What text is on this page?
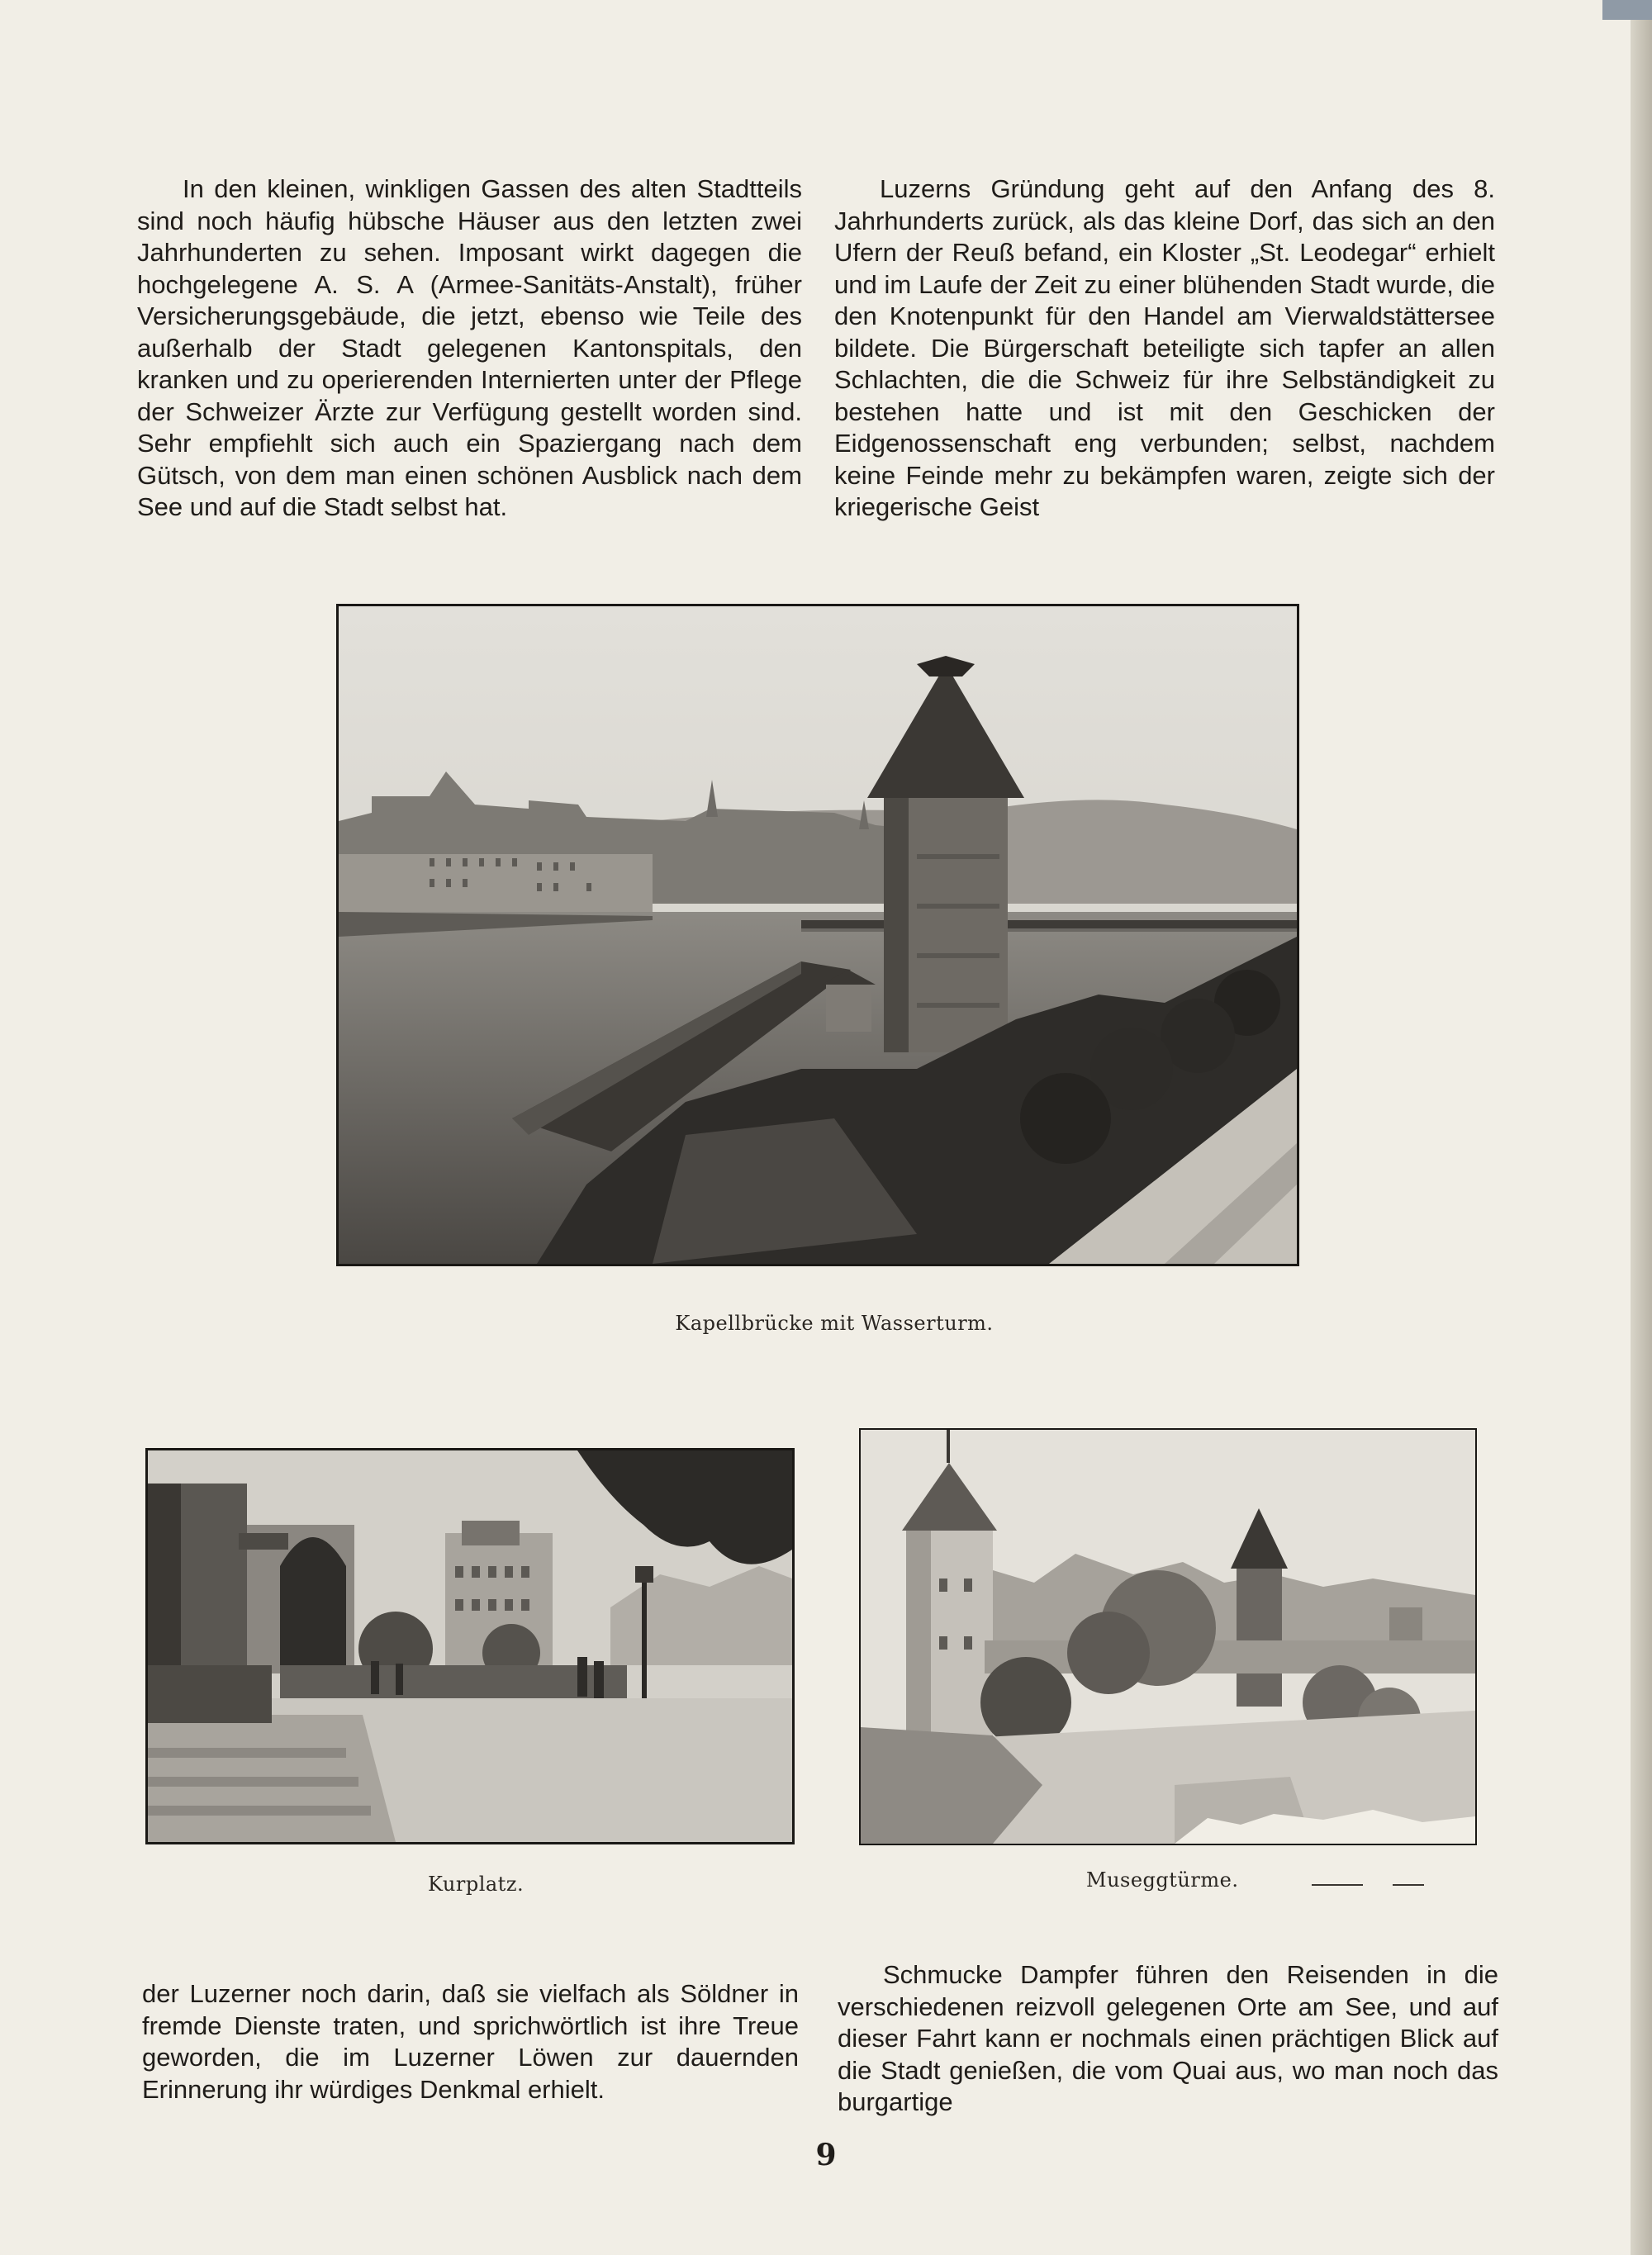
In den kleinen, winkligen Gassen des alten Stadtteils sind noch häufig hübsche Häuser aus den letzten zwei Jahrhunderten zu sehen. Imposant wirkt dagegen die hochgelegene A. S. A (Armee-Sanitäts-Anstalt), früher Versicherungsgebäude, die jetzt, ebenso wie Teile des außerhalb der Stadt gelegenen Kantonspitals, den kranken und zu operierenden Internierten unter der Pflege der Schweizer Ärzte zur Verfügung gestellt worden sind. Sehr empfiehlt sich auch ein Spaziergang nach dem Gütsch, von dem man einen schönen Ausblick nach dem See und auf die Stadt selbst hat.

Luzerns Gründung geht auf den Anfang des 8. Jahrhunderts zurück, als das kleine Dorf, das sich an den Ufern der Reuß befand, ein Kloster „St. Leodegar“ erhielt und im Laufe der Zeit zu einer blühenden Stadt wurde, die den Knotenpunkt für den Handel am Vierwaldstättersee bildete. Die Bürgerschaft beteiligte sich tapfer an allen Schlachten, die die Schweiz für ihre Selbständigkeit zu bestehen hatte und ist mit den Geschicken der Eidgenossenschaft eng verbunden; selbst, nachdem keine Feinde mehr zu bekämpfen waren, zeigte sich der kriegerische Geist

Kapellbrücke mit Wasserturm.
Kurplatz.	Museggtürme.

der Luzerner noch darin, daß sie vielfach als Söldner in fremde Dienste traten, und sprichwörtlich ist ihre Treue geworden, die im Luzerner Löwen zur dauernden Erinnerung ihr würdiges Denkmal erhielt.

Schmucke Dampfer führen den Reisenden in die verschiedenen reizvoll gelegenen Orte am See, und auf dieser Fahrt kann er nochmals einen prächtigen Blick auf die Stadt genießen, die vom Quai aus, wo man noch das burgartige

9
